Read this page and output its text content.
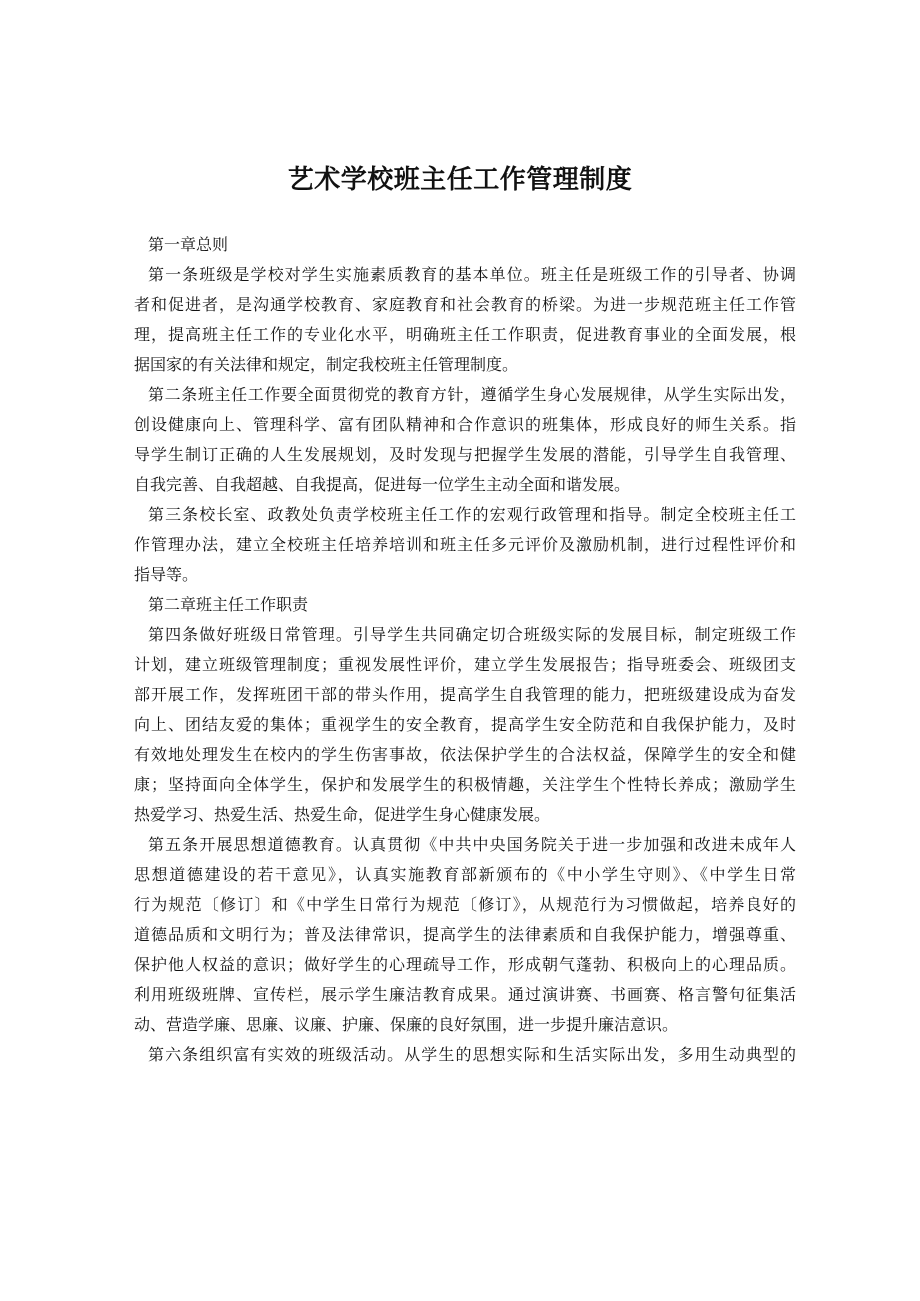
艺术学校班主任工作管理制度
第一章总则
第一条班级是学校对学生实施素质教育的基本单位。班主任是班级工作的引导者、协调
者和促进者，是沟通学校教育、家庭教育和社会教育的桥梁。为进一步规范班主任工作管
理，提高班主任工作的专业化水平，明确班主任工作职责，促进教育事业的全面发展，根
据国家的有关法律和规定，制定我校班主任管理制度。
第二条班主任工作要全面贯彻党的教育方针，遵循学生身心发展规律，从学生实际出发，
创设健康向上、管理科学、富有团队精神和合作意识的班集体，形成良好的师生关系。指
导学生制订正确的人生发展规划，及时发现与把握学生发展的潜能，引导学生自我管理、
自我完善、自我超越、自我提高，促进每一位学生主动全面和谐发展。
第三条校长室、政教处负责学校班主任工作的宏观行政管理和指导。制定全校班主任工
作管理办法，建立全校班主任培养培训和班主任多元评价及激励机制，进行过程性评价和
指导等。
第二章班主任工作职责
第四条做好班级日常管理。引导学生共同确定切合班级实际的发展目标，制定班级工作
计划，建立班级管理制度；重视发展性评价，建立学生发展报告；指导班委会、班级团支
部开展工作，发挥班团干部的带头作用，提高学生自我管理的能力，把班级建设成为奋发
向上、团结友爱的集体；重视学生的安全教育，提高学生安全防范和自我保护能力，及时
有效地处理发生在校内的学生伤害事故，依法保护学生的合法权益，保障学生的安全和健
康；坚持面向全体学生，保护和发展学生的积极情趣，关注学生个性特长养成；激励学生
热爱学习、热爱生活、热爱生命，促进学生身心健康发展。
第五条开展思想道德教育。认真贯彻《中共中央国务院关于进一步加强和改进未成年人
思想道德建设的若干意见》，认真实施教育部新颁布的《中小学生守则》、《中学生日常
行为规范〔修订〕和《中学生日常行为规范〔修订》，从规范行为习惯做起，培养良好的
道德品质和文明行为；普及法律常识，提高学生的法律素质和自我保护能力，增强尊重、
保护他人权益的意识；做好学生的心理疏导工作，形成朝气蓬勃、积极向上的心理品质。
利用班级班牌、宣传栏，展示学生廉洁教育成果。通过演讲赛、书画赛、格言警句征集活
动、营造学廉、思廉、议廉、护廉、保廉的良好氛围，进一步提升廉洁意识。
第六条组织富有实效的班级活动。从学生的思想实际和生活实际出发，多用生动典型的
